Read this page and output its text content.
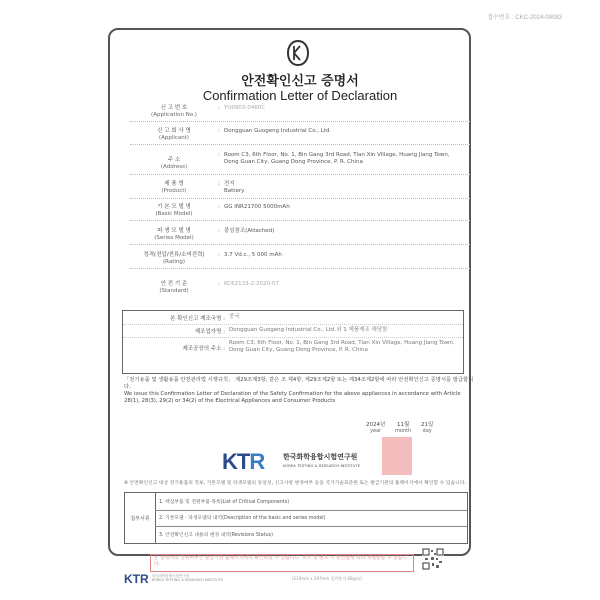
접수번호 : CKC-2024-09083
안전확인신고 증명서
Confirmation Letter of Declaration
신 고 번 호
(Application No.)
: YU0903-0460C
신 고 회 사 명
(Applicant)
: Dongguan Guogeng Industrial Co., Ltd.
주 소
(Address)
: Room C3, 6th Floor, No. 1, Bin Gang 3rd Road, Tian Xin Village, Huang Jiang Town, Dong Guan City, Guang Dong Province, P. R. China
제 품 명
(Product)
: 전지
Battery
기 본 모 델 명
(Basic Model)
: GG INR21700 5000mAh
파 생 모 델 명
(Series Model)
: 붙임참조(Attached)
정격(전압/전류/소비전력)
(Rating)
: 3.7 Vd.c., 5 000 mAh
안 전 기 준
(Standard)
: KC62133-2:2020-07
본 확인신고 제조국명 : 중국
제조업자명 : Dongguan Guogeng Industrial Co., Ltd.외 1 제품제조 해당함
제조공장의 주소 :
Room C3, 6th Floor, No. 1, Bin Gang 3rd Road, Tian Xin Village, Huang Jiang Town, Dong Guan City, Guang Dong Province, P. R. China
「전기용품 및 생활용품 안전관리법 시행규칙」 제29조제3항, 같은 조 제4항, 제29조제2항 또는 제34조제2항에 따라 안전확인신고 증명서를 발급합니다.
We issue this Confirmation Letter of Declaration of the Safety Confirmation for the above appliances in accordance with Article 28(1), 28(3), 29(2) or 34(2) of the Electrical Appliances and Consumer Products
2024년
year
11월
month
21일
day
KTR	한국화학융합시험연구원
KOREA TESTING & RESEARCH INSTITUTE
※ 안전확인신고 대상 전기용품의 정보, 기본모델 및 파생모델의 동일성, 신고사항 변경여부 등을 국가기술표준원 또는 발급기관의 홈페이지에서 확인할 수 있습니다.
첨부서류
1. 핵심부품 및 전원부품 목록(List of Critical Components)
2. 기본모델 · 파생모델의 내역(Description of the basic and series model)
3. 안전확인신고 내용의 변경 내역(Revisions Status)
본 증명서의 진위여부는 발급기관 홈페이지에서 확인하실 수 있습니다. 위조 및 변조 시 관련법에 따라 처벌받을 수 있습니다.
KTR 한국화학융합시험연구원
KOREA TESTING & RESEARCH INSTITUTE	(210mm x 297mm 일반용지 60g/㎡)
